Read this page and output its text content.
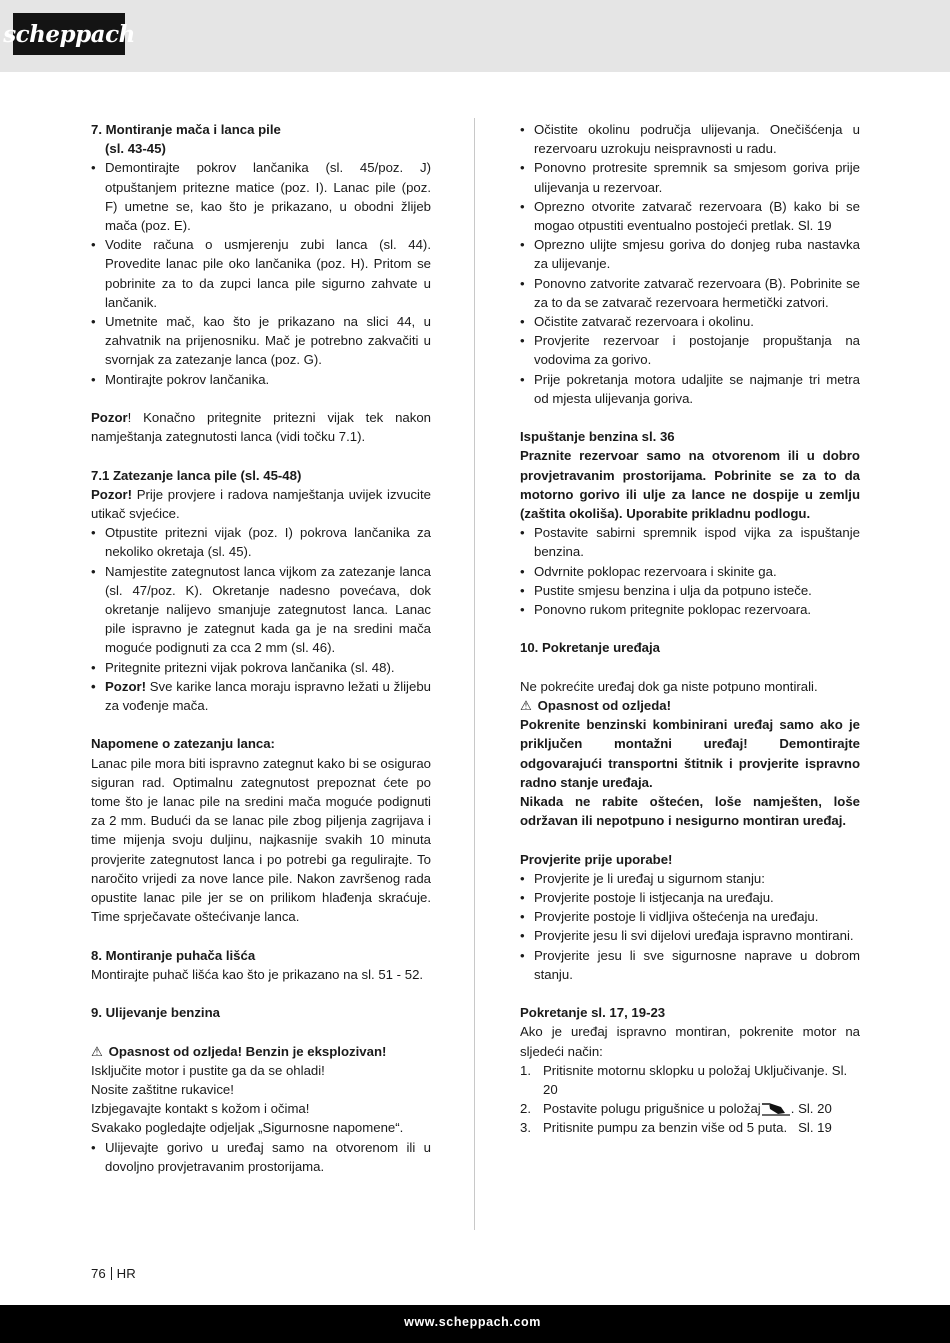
scheppach

7. Montiranje mača i lanca pile

(sl. 43-45)

• Demontirajte pokrov lančanika (sl. 45/poz. J) otpuštanjem pritezne matice (poz. I). Lanac pile (poz. F) umetne se, kao što je prikazano, u obodni žlijeb mača (poz. E).
• Vodite računa o usmjerenju zubi lanca (sl. 44). Provedite lanac pile oko lančanika (poz. H). Pritom se pobrinite za to da zupci lanca pile sigurno zahvate u lančanik.
• Umetnite mač, kao što je prikazano na slici 44, u zahvatnik na prijenosniku. Mač je potrebno zakvačiti u svornjak za zatezanje lanca (poz. G).
• Montirajte pokrov lančanika.

Pozor! Konačno pritegnite pritezni vijak tek nakon namještanja zategnutosti lanca (vidi točku 7.1).

7.1 Zatezanje lanca pile (sl. 45-48)

Pozor! Prije provjere i radova namještanja uvijek izvucite utikač svjećice.

• Otpustite pritezni vijak (poz. I) pokrova lančanika za nekoliko okretaja (sl. 45).
• Namjestite zategnutost lanca vijkom za zatezanje lanca (sl. 47/poz. K). Okretanje nadesno povećava, dok okretanje nalijevo smanjuje zategnutost lanca. Lanac pile ispravno je zategnut kada ga je na sredini mača moguće podignuti za cca 2 mm (sl. 46).
• Pritegnite pritezni vijak pokrova lančanika (sl. 48).
• Pozor! Sve karike lanca moraju ispravno ležati u žlijebu za vođenje mača.

Napomene o zatezanju lanca:

Lanac pile mora biti ispravno zategnut kako bi se osigurao siguran rad. Optimalnu zategnutost prepoznat ćete po tome što je lanac pile na sredini mača moguće podignuti za 2 mm. Budući da se lanac pile zbog piljenja zagrijava i time mijenja svoju duljinu, najkasnije svakih 10 minuta provjerite zategnutost lanca i po potrebi ga regulirajte. To naročito vrijedi za nove lance pile. Nakon završenog rada opustite lanac pile jer se on prilikom hlađenja skraćuje. Time sprječavate oštećivanje lanca.

8. Montiranje puhača lišća

Montirajte puhač lišća kao što je prikazano na sl. 51 - 52.

9. Ulijevanje benzina

⚠ Opasnost od ozljeda! Benzin je eksplozivan!

Isključite motor i pustite ga da se ohladi!

Nosite zaštitne rukavice!

Izbjegavajte kontakt s kožom i očima!

Svakako pogledajte odjeljak „Sigurnosne napomene“.

• Ulijevajte gorivo u uređaj samo na otvorenom ili u dovoljno provjetravanim prostorijama.
• Očistite okolinu područja ulijevanja. Onečišćenja u rezervoaru uzrokuju neispravnosti u radu.
• Ponovno protresite spremnik sa smjesom goriva prije ulijevanja u rezervoar.
• Oprezno otvorite zatvarač rezervoara (B) kako bi se mogao otpustiti eventualno postojeći pretlak. Sl. 19
• Oprezno ulijte smjesu goriva do donjeg ruba nastavka za ulijevanje.
• Ponovno zatvorite zatvarač rezervoara (B). Pobrinite se za to da se zatvarač rezervoara hermetički zatvori.
• Očistite zatvarač rezervoara i okolinu.
• Provjerite rezervoar i postojanje propuštanja na vodovima za gorivo.
• Prije pokretanja motora udaljite se najmanje tri metra od mjesta ulijevanja goriva.

Ispuštanje benzina sl. 36

Praznite rezervoar samo na otvorenom ili u dobro provjetravanim prostorijama. Pobrinite se za to da motorno gorivo ili ulje za lance ne dospije u zemlju (zaštita okoliša). Uporabite prikladnu podlogu.

• Postavite sabirni spremnik ispod vijka za ispuštanje benzina.
• Odvrnite poklopac rezervoara i skinite ga.
• Pustite smjesu benzina i ulja da potpuno isteče.
• Ponovno rukom pritegnite poklopac rezervoara.

10. Pokretanje uređaja

Ne pokrećite uređaj dok ga niste potpuno montirali.

⚠ Opasnost od ozljeda!

Pokrenite benzinski kombinirani uređaj samo ako je priključen montažni uređaj! Demontirajte odgovarajući transportni štitnik i provjerite ispravno radno stanje uređaja.

Nikada ne rabite oštećen, loše namješten, loše održavan ili nepotpuno i nesigurno montiran uređaj.

Provjerite prije uporabe!

• Provjerite je li uređaj u sigurnom stanju:
• Provjerite postoje li istjecanja na uređaju.
• Provjerite postoje li vidljiva oštećenja na uređaju.
• Provjerite jesu li svi dijelovi uređaja ispravno montirani.
• Provjerite jesu li sve sigurnosne naprave u dobrom stanju.

Pokretanje sl. 17, 19-23

Ako je uređaj ispravno montiran, pokrenite motor na sljedeći način:

1. Pritisnite motornu sklopku u položaj Uključivanje. Sl. 20
2. Postavite polugu prigušnice u položaj . Sl. 20
3. Pritisnite pumpu za benzin više od 5 puta. Sl. 19
76 HR
www.scheppach.com
